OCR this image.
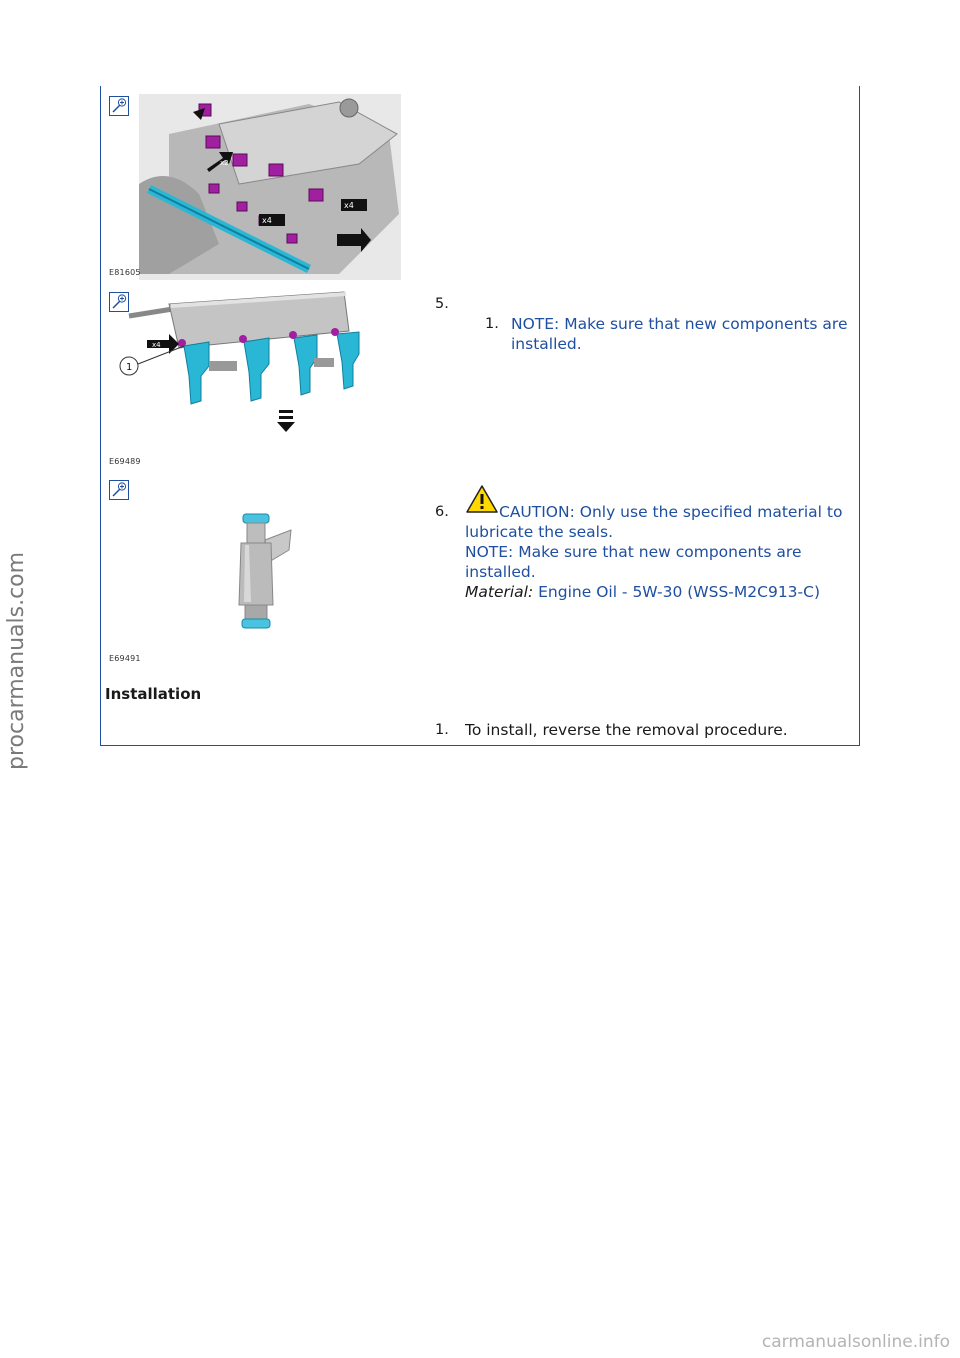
x2
x4
x4
E81605
x4
1
E69489
5.
1. NOTE: Make sure that new components are installed.
E69491
6.	CAUTION: Only use the specified material to lubricate the seals.
NOTE: Make sure that new components are installed.
Material: Engine Oil - 5W-30 (WSS-M2C913-C)
Installation
1. To install, reverse the removal procedure.
procarmanuals.com
carmanualsonline.info
